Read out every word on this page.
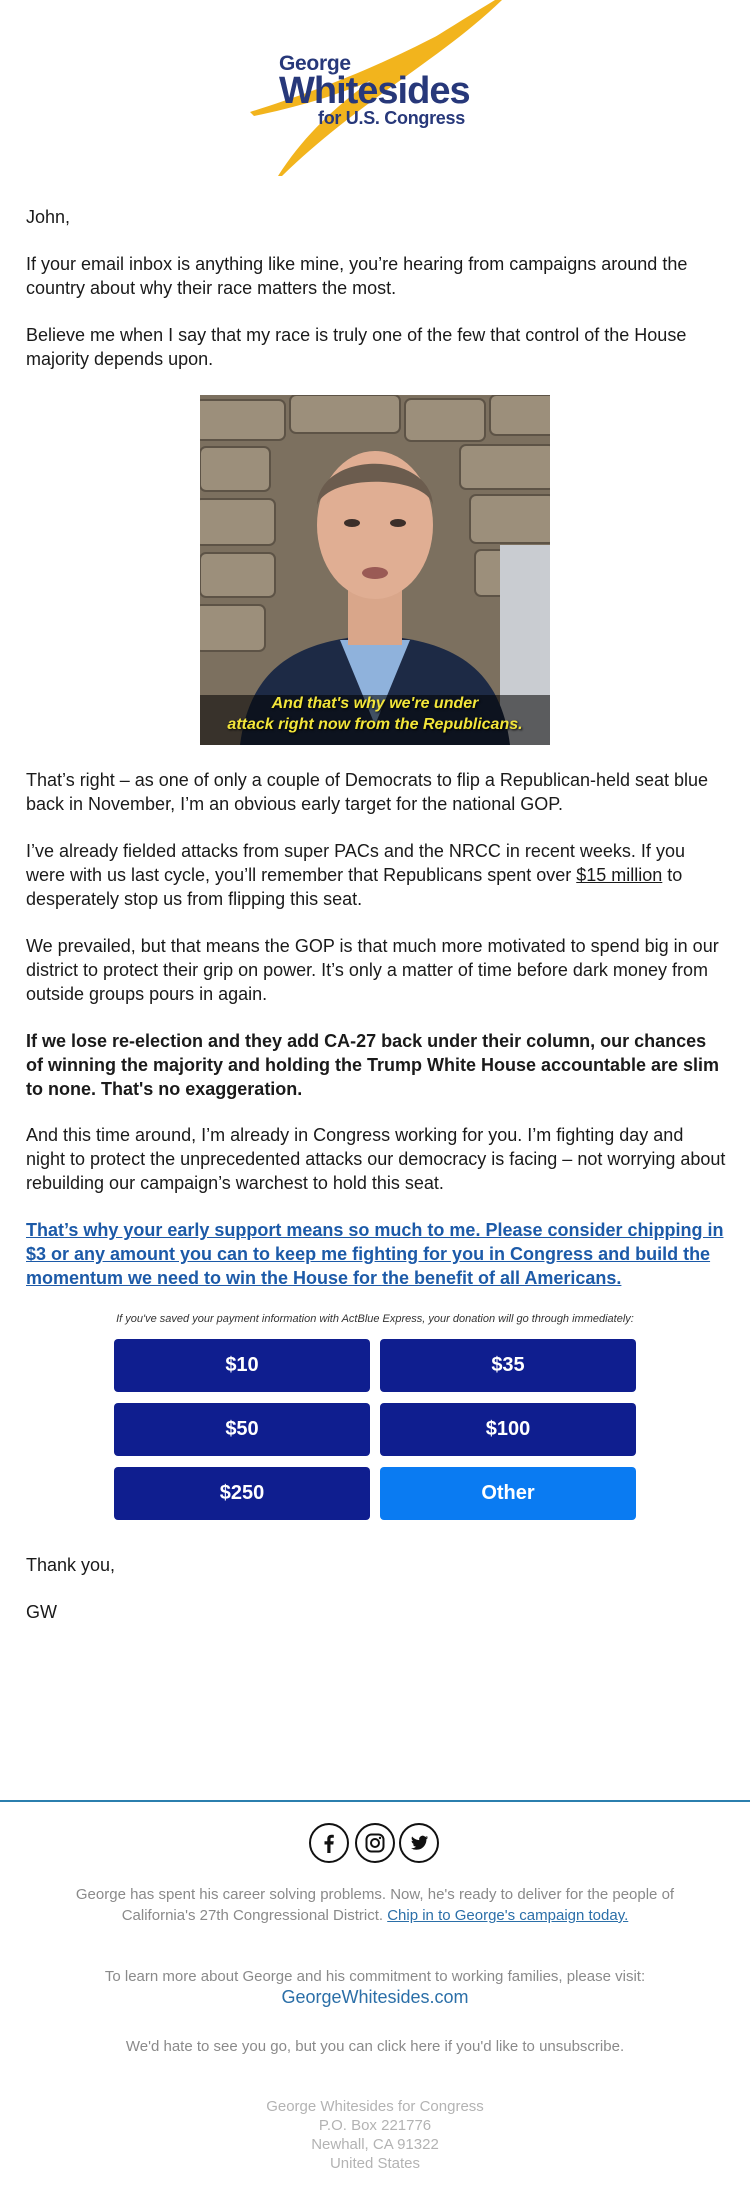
George
Whitesides
for U.S. Congress
John,
If your email inbox is anything like mine, you’re hearing from campaigns around the country about why their race matters the most.
Believe me when I say that my race is truly one of the few that control of the House majority depends upon.
And that's why we're under
attack right now from the Republicans.
That’s right – as one of only a couple of Democrats to flip a Republican-held seat blue back in November, I’m an obvious early target for the national GOP.
I’ve already fielded attacks from super PACs and the NRCC in recent weeks. If you were with us last cycle, you’ll remember that Republicans spent over $15 million to desperately stop us from flipping this seat.
We prevailed, but that means the GOP is that much more motivated to spend big in our district to protect their grip on power. It’s only a matter of time before dark money from outside groups pours in again.
If we lose re-election and they add CA-27 back under their column, our chances of winning the majority and holding the Trump White House accountable are slim to none. That's no exaggeration.
And this time around, I’m already in Congress working for you. I’m fighting day and night to protect the unprecedented attacks our democracy is facing – not worrying about rebuilding our campaign’s warchest to hold this seat.
That’s why your early support means so much to me. Please consider chipping in $3 or any amount you can to keep me fighting for you in Congress and build the momentum we need to win the House for the benefit of all Americans.
If you've saved your payment information with ActBlue Express, your donation will go through immediately:
$10	$35
$50	$100
$250	Other
Thank you,
GW
George has spent his career solving problems. Now, he's ready to deliver for the people of California's 27th Congressional District. Chip in to George's campaign today.
To learn more about George and his commitment to working families, please visit:
GeorgeWhitesides.com
We'd hate to see you go, but you can click here if you'd like to unsubscribe.
George Whitesides for Congress
P.O. Box 221776
Newhall, CA 91322
United States
